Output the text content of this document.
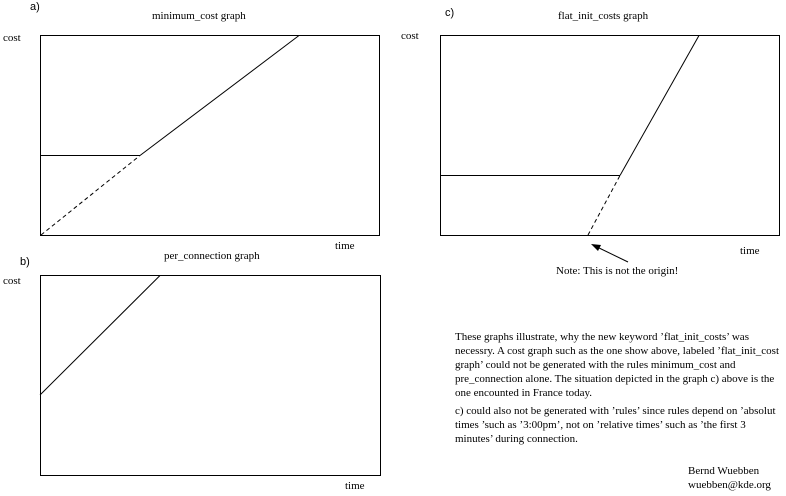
a)
minimum_cost graph
cost
time
b)	per_connection graph
cost
time
c)	flat_init_costs graph
cost
time
Note: This is not the origin!

These graphs illustrate, why the new keyword ’flat_init_costs’ was necessry. A cost graph such as the one show above, labeled ’flat_init_cost graph’ could not be generated with the rules minimum_cost and pre_connection alone. The situation depicted in the graph c) above is the one encounted in France today.

c) could also not be generated with ’rules’ since rules depend on ’absolut times ’such as ’3:00pm’, not on ’relative times’ such as ’the first 3 minutes’ during connection.

Bernd Wuebben
wuebben@kde.org
